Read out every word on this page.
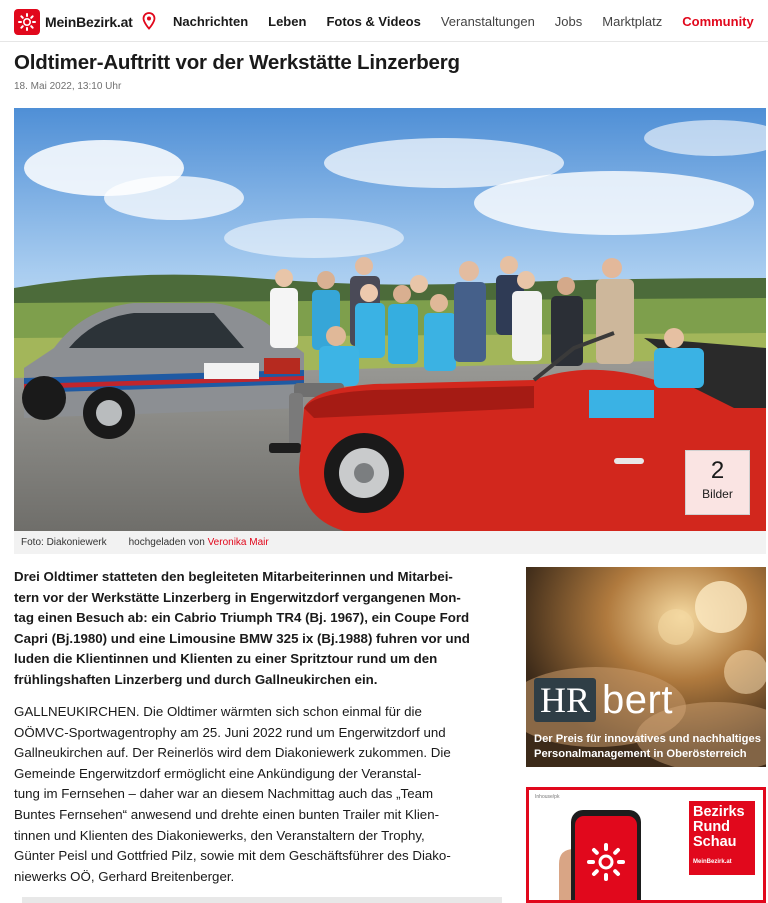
MeinBezirk.at	Nachrichten Leben Fotos & Videos Veranstaltungen Jobs Marktplatz Community
Oldtimer-Auftritt vor der Werkstätte Linzerberg
18. Mai 2022, 13:10 Uhr
2
Bilder
Foto: Diakoniewerk hochgeladen von Veronika Mair
Drei Oldtimer statteten den begleiteten Mitarbeiterinnen und Mitarbei-
tern vor der Werkstätte Linzerberg in Engerwitzdorf vergangenen Mon-
tag einen Besuch ab: ein Cabrio Triumph TR4 (Bj. 1967), ein Coupe Ford
Capri (Bj.1980) und eine Limousine BMW 325 ix (Bj.1988) fuhren vor und
luden die Klientinnen und Klienten zu einer Spritztour rund um den
frühlingshaften Linzerberg und durch Gallneukirchen ein.
GALLNEUKIRCHEN. Die Oldtimer wärmten sich schon einmal für die
OÖMVC-Sportwagentrophy am 25. Juni 2022 rund um Engerwitzdorf und
Gallneukirchen auf. Der Reinerlös wird dem Diakoniewerk zukommen. Die
Gemeinde Engerwitzdorf ermöglicht eine Ankündigung der Veranstal-
tung im Fernsehen – daher war an diesem Nachmittag auch das „Team
Buntes Fernsehen“ anwesend und drehte einen bunten Trailer mit Klien-
tinnen und Klienten des Diakoniewerks, den Veranstaltern der Trophy,
Günter Peisl und Gottfried Pilz, sowie mit dem Geschäftsführer des Diako-
niewerks OÖ, Gerhard Breitenberger.
HR bert
Der Preis für innovatives und nachhaltiges
Personalmanagement in Oberösterreich
Inhouse/pk
Bezirks
Rund
Schau
MeinBezirk.at
